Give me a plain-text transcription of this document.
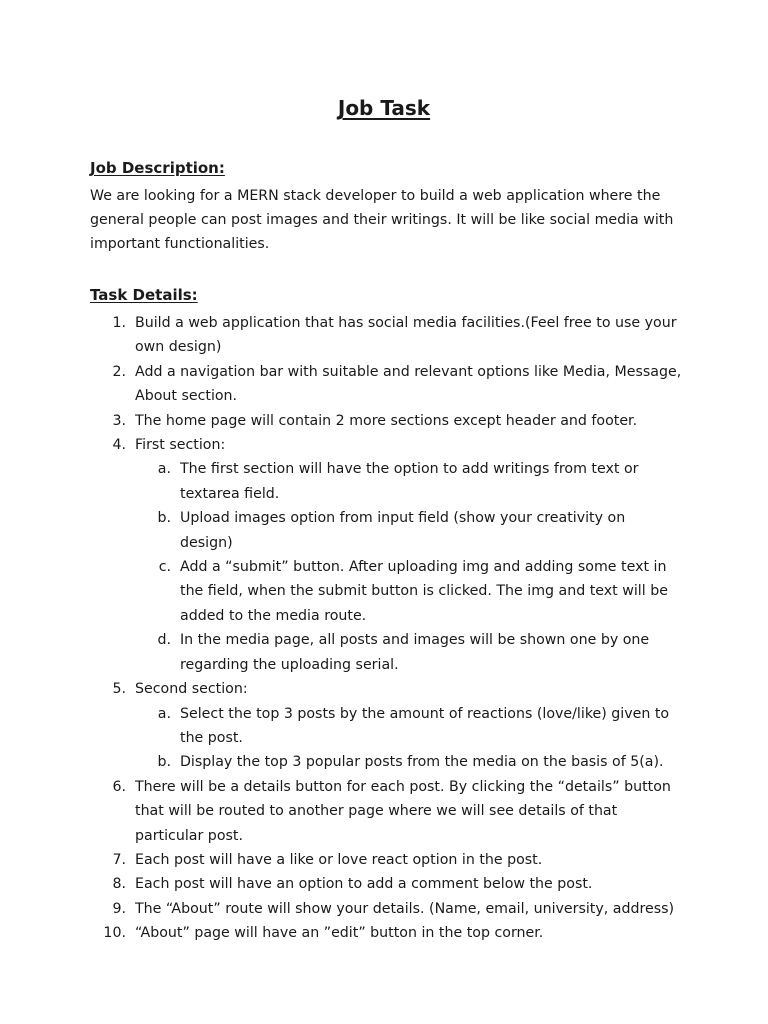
Job Task
Job Description:

We are looking for a MERN stack developer to build a web application where the general people can post images and their writings. It will be like social media with important functionalities.

Task Details:
1. Build a web application that has social media facilities.(Feel free to use your own design)
2. Add a navigation bar with suitable and relevant options like Media, Message, About section.
3. The home page will contain 2 more sections except header and footer.
4. First section:
a. The first section will have the option to add writings from text or textarea field.
b. Upload images option from input field (show your creativity on design)
c. Add a “submit” button. After uploading img and adding some text in the field, when the submit button is clicked. The img and text will be added to the media route.
d. In the media page, all posts and images will be shown one by one regarding the uploading serial.
5. Second section:
a. Select the top 3 posts by the amount of reactions (love/like) given to the post.
b. Display the top 3 popular posts from the media on the basis of 5(a).
6. There will be a details button for each post. By clicking the “details” button that will be routed to another page where we will see details of that particular post.
7. Each post will have a like or love react option in the post.
8. Each post will have an option to add a comment below the post.
9. The “About” route will show your details. (Name, email, university, address)
10. “About” page will have an ”edit” button in the top corner.
